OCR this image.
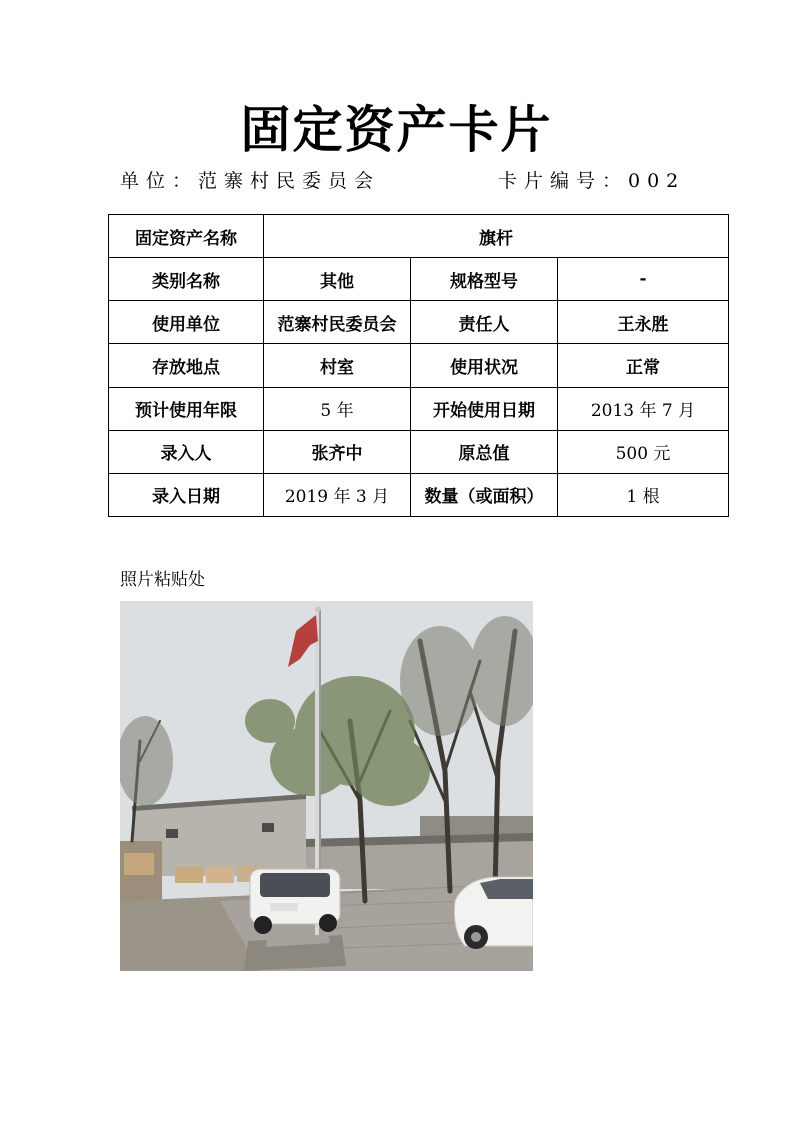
固定资产卡片
单位：范寨村民委员会	卡片编号：002
固定资产名称	旗杆		
类别名称	其他	规格型号	-
使用单位	范寨村民委员会	责任人	王永胜
存放地点	村室	使用状况	正常
预计使用年限	5 年	开始使用日期	2013 年 7 月
录入人	张齐中	原总值	500 元
录入日期	2019 年 3 月	数量（或面积）	1 根
照片粘贴处
